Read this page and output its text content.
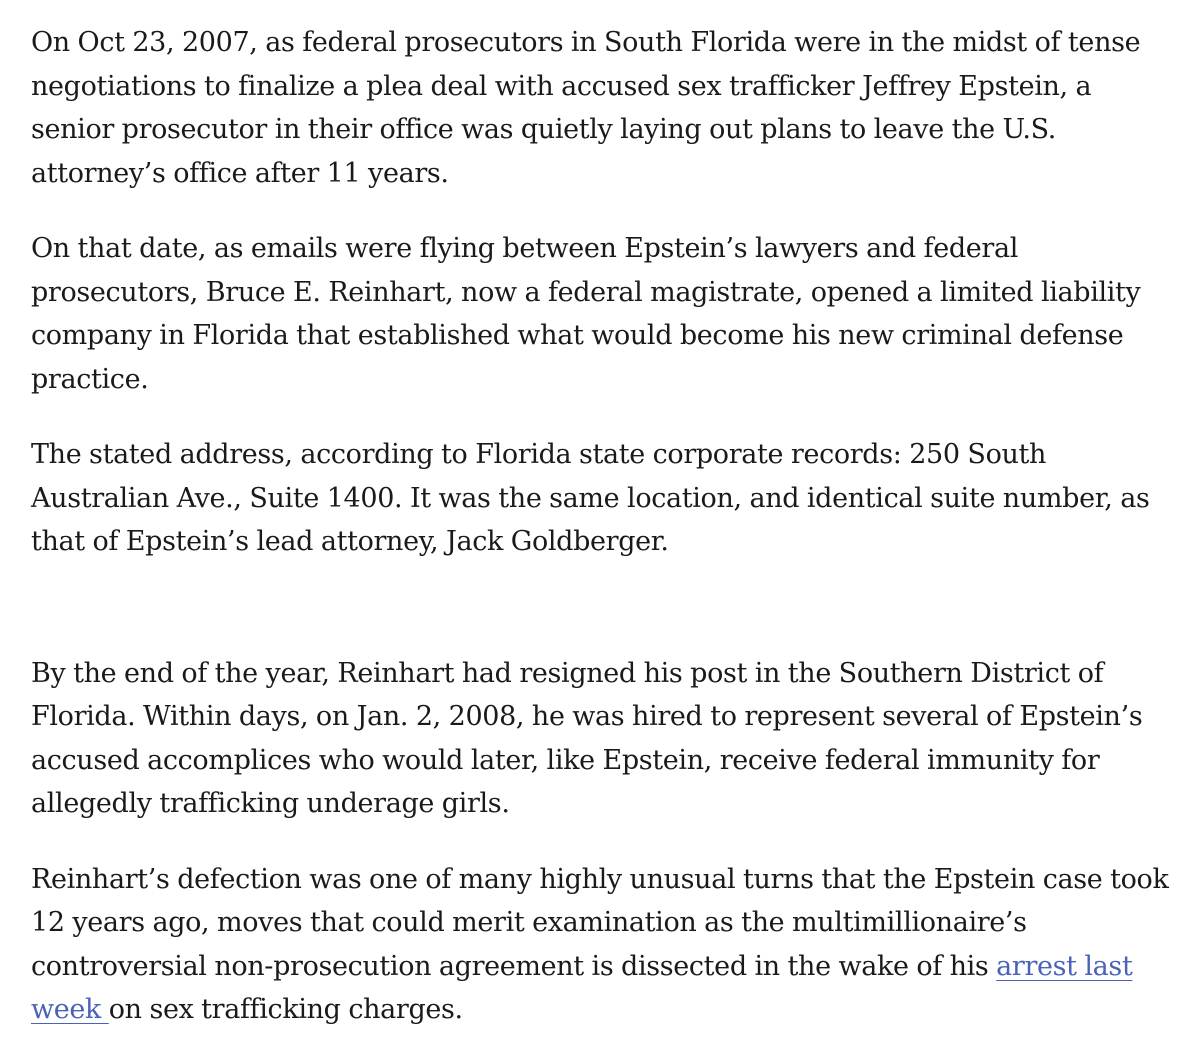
On Oct 23, 2007, as federal prosecutors in South Florida were in the midst of tense negotiations to finalize a plea deal with accused sex trafficker Jeffrey Epstein, a senior prosecutor in their office was quietly laying out plans to leave the U.S. attorney’s office after 11 years.

On that date, as emails were flying between Epstein’s lawyers and federal prosecutors, Bruce E. Reinhart, now a federal magistrate, opened a limited liability company in Florida that established what would become his new criminal defense practice.

The stated address, according to Florida state corporate records: 250 South Australian Ave., Suite 1400. It was the same location, and identical suite number, as that of Epstein’s lead attorney, Jack Goldberger.

By the end of the year, Reinhart had resigned his post in the Southern District of Florida. Within days, on Jan. 2, 2008, he was hired to represent several of Epstein’s accused accomplices who would later, like Epstein, receive federal immunity for allegedly trafficking underage girls.

Reinhart’s defection was one of many highly unusual turns that the Epstein case took 12 years ago, moves that could merit examination as the multimillionaire’s controversial non-prosecution agreement is dissected in the wake of his arrest last week on sex trafficking charges.
